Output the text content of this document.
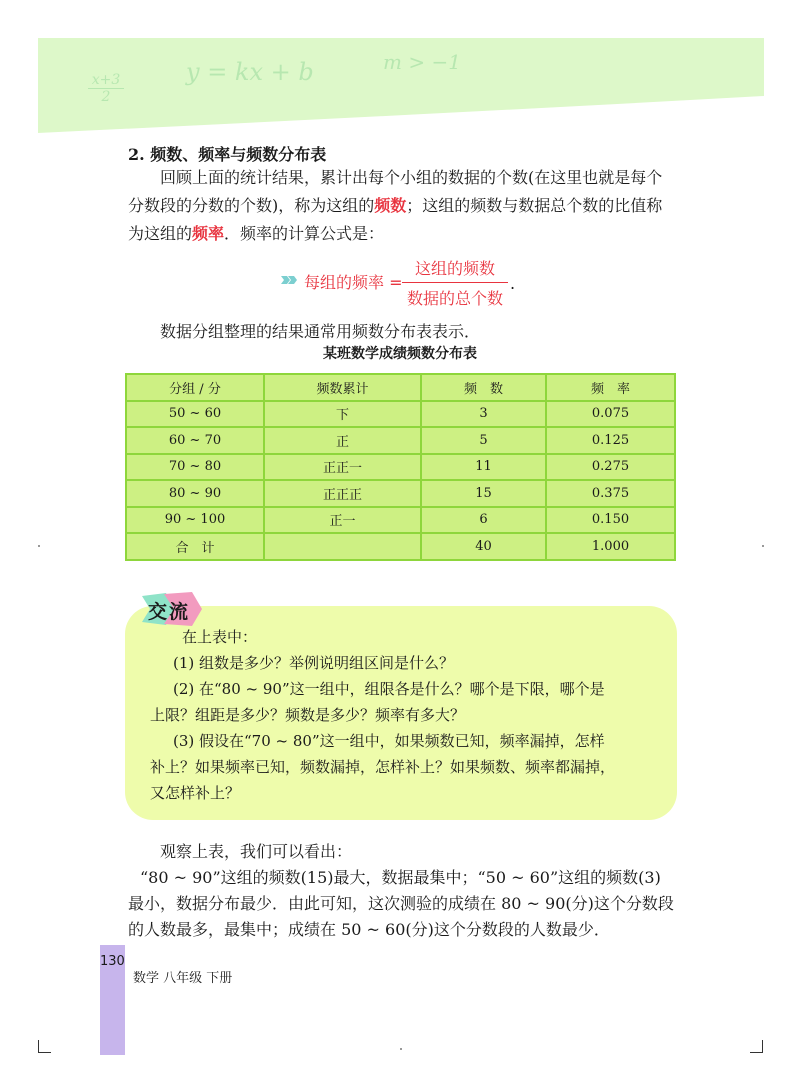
$\frac{x+3}{2}$	y = kx + b	m > −1
2. 频数、频率与频数分布表
回顾上面的统计结果，累计出每个小组的数据的个数(在这里也就是每个
分数段的分数的个数)，称为这组的频数；这组的频数与数据总个数的比值称
为这组的频率．频率的计算公式是：
每组的频率 =
这组的频数
数据的总个数
.
数据分组整理的结果通常用频数分布表表示．
某班数学成绩频数分布表
分组 / 分	频数累计	频　数	频　率
50 ~ 60	下	3	0.075
60 ~ 70	正	5	0.125
70 ~ 80	正正一	11	0.275
80 ~ 90	正正正	15	0.375
90 ~ 100	正一	6	0.150
合　计		40	1.000
交流
在上表中：
(1) 组数是多少？举例说明组区间是什么？
(2) 在“80 ~ 90”这一组中，组限各是什么？哪个是下限，哪个是
上限？组距是多少？频数是多少？频率有多大？
(3) 假设在“70 ~ 80”这一组中，如果频数已知，频率漏掉，怎样
补上？如果频率已知，频数漏掉，怎样补上？如果频数、频率都漏掉，
又怎样补上？
观察上表，我们可以看出：
“80 ~ 90”这组的频数(15)最大，数据最集中；“50 ~ 60”这组的频数(3)
最小，数据分布最少．由此可知，这次测验的成绩在 80 ~ 90(分)这个分数段
的人数最多，最集中；成绩在 50 ~ 60(分)这个分数段的人数最少．
130
数学 八年级 下册
